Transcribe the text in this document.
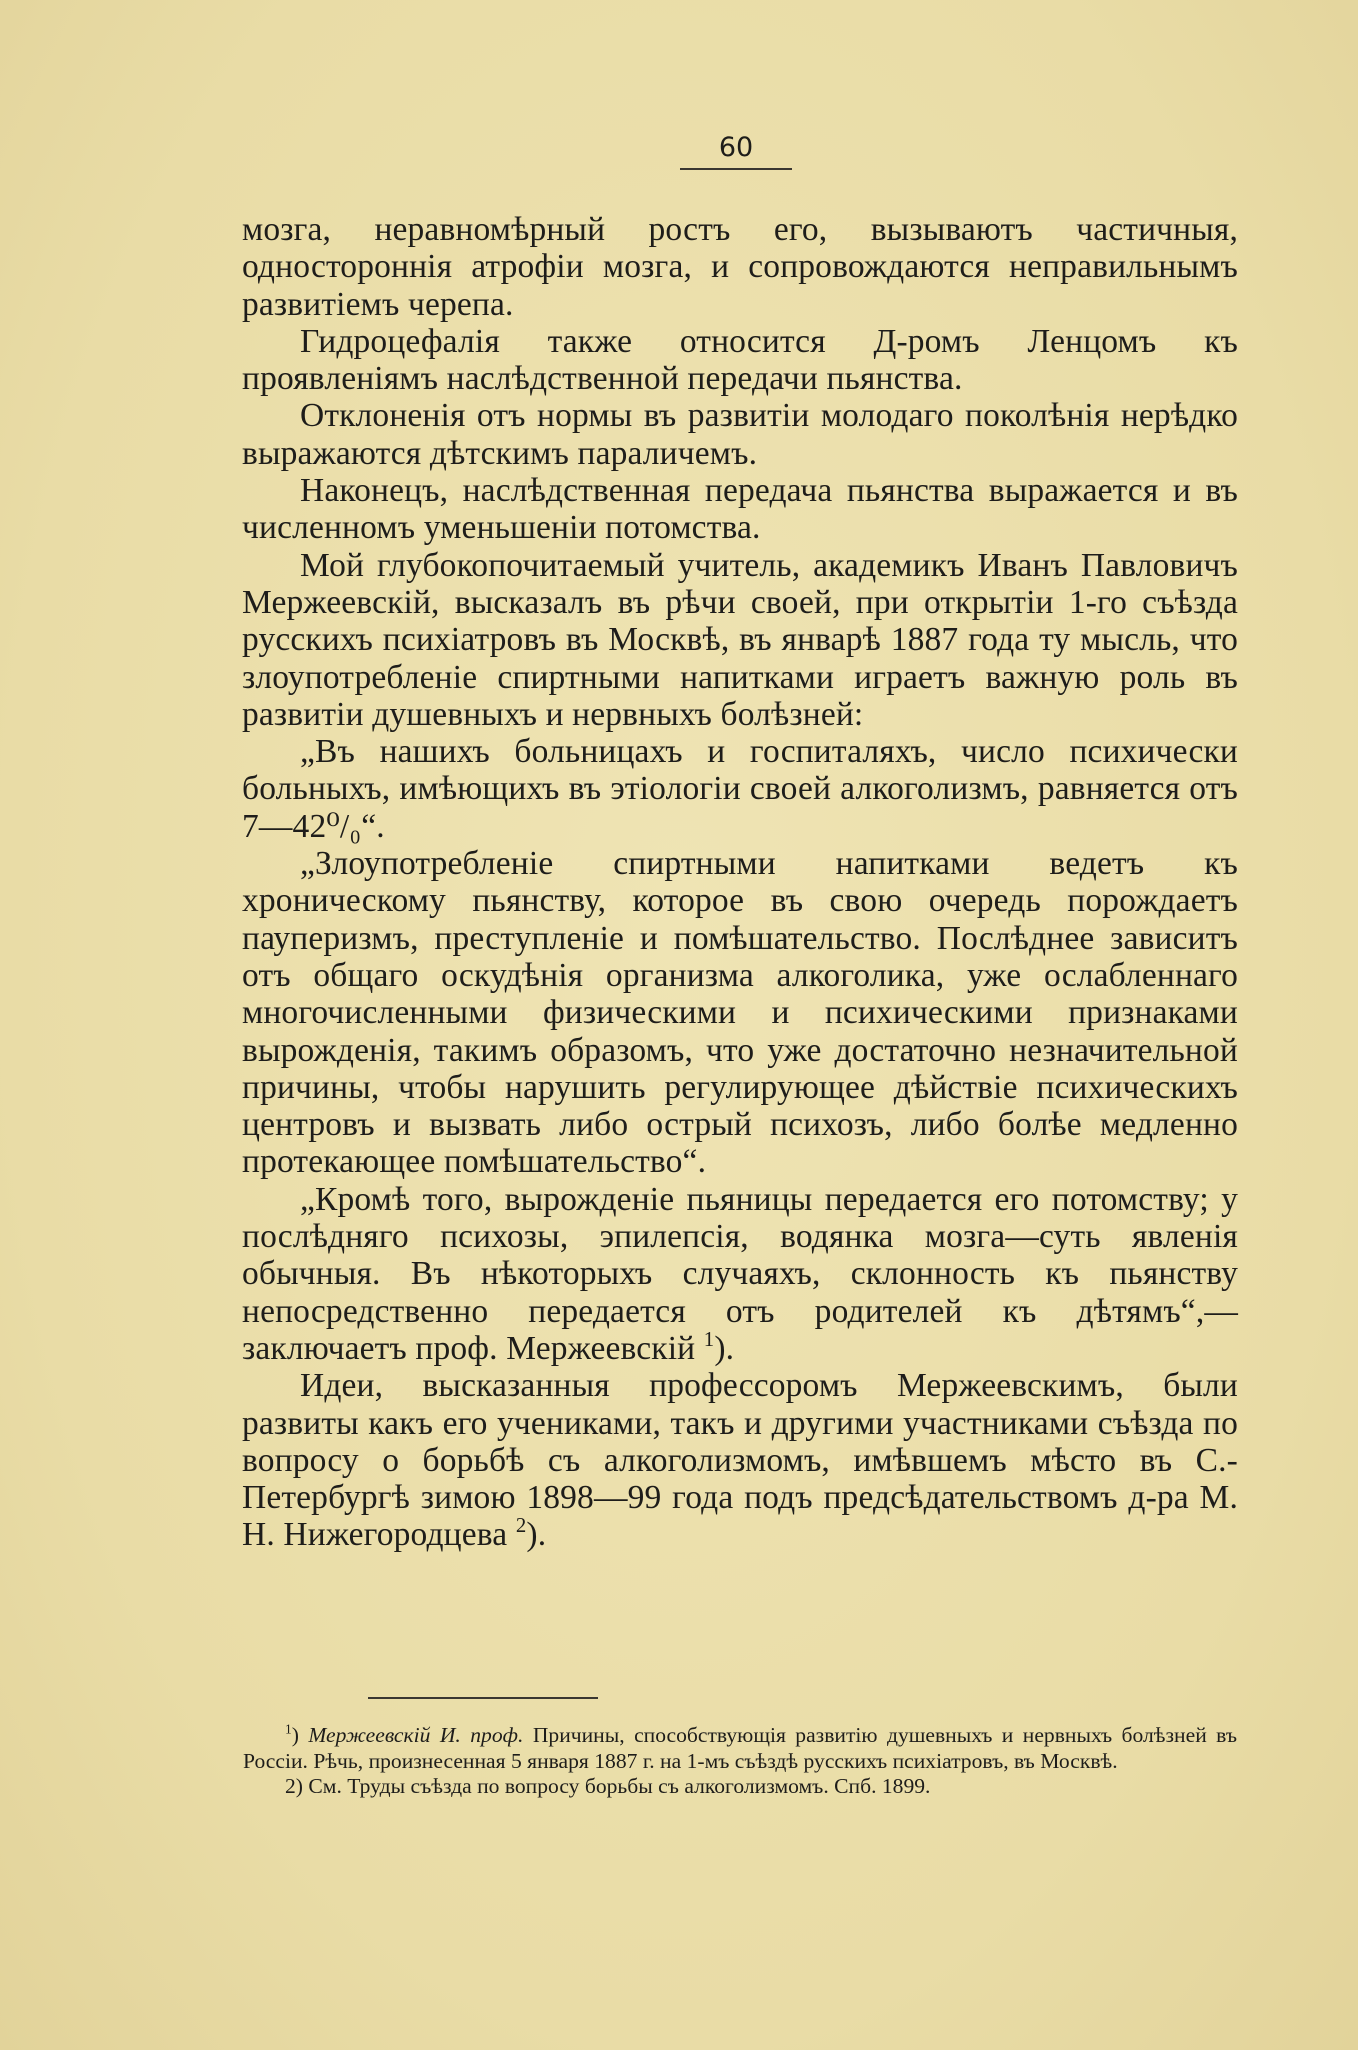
60

мозга, неравномѣрный ростъ его, вызываютъ частичныя, одностороннія атрофіи мозга, и сопровождаются неправильнымъ развитіемъ черепа.

Гидроцефалія также относится Д-ромъ Ленцомъ къ проявленіямъ наслѣдственной передачи пьянства.

Отклоненія отъ нормы въ развитіи молодаго поколѣнія нерѣдко выражаются дѣтскимъ параличемъ.

Наконецъ, наслѣдственная передача пьянства выражается и въ численномъ уменьшеніи потомства.

Мой глубокопочитаемый учитель, академикъ Иванъ Павловичъ Мержеевскій, высказалъ въ рѣчи своей, при открытіи 1-го съѣзда русскихъ психіатровъ въ Москвѣ, въ январѣ 1887 года ту мысль, что злоупотребленіе спиртными напитками играетъ важную роль въ развитіи душевныхъ и нервныхъ болѣзней:

„Въ нашихъ больницахъ и госпиталяхъ, число психически больныхъ, имѣющихъ въ этіологіи своей алкоголизмъ, равняется отъ 7—42⁰/₀“.

„Злоупотребленіе спиртными напитками ведетъ къ хроническому пьянству, которое въ свою очередь порождаетъ пауперизмъ, преступленіе и помѣшательство. Послѣднее зависитъ отъ общаго оскудѣнія организма алкоголика, уже ослабленнаго многочисленными физическими и психическими признаками вырожденія, такимъ образомъ, что уже достаточно незначительной причины, чтобы нарушить регулирующее дѣйствіе психическихъ центровъ и вызвать либо острый психозъ, либо болѣе медленно протекающее помѣшательство“.

„Кромѣ того, вырожденіе пьяницы передается его потомству; у послѣдняго психозы, эпилепсія, водянка мозга—суть явленія обычныя. Въ нѣкоторыхъ случаяхъ, склонность къ пьянству непосредственно передается отъ родителей къ дѣтямъ“,—заключаетъ проф. Мержеевскій $^1$).

Идеи, высказанныя профессоромъ Мержеевскимъ, были развиты какъ его учениками, такъ и другими участниками съѣзда по вопросу о борьбѣ съ алкоголизмомъ, имѣвшемъ мѣсто въ С.-Петербургѣ зимою 1898—99 года подъ предсѣдательствомъ д-ра М. Н. Нижегородцева $^2$).

$^1$) Мержеевскій И. проф. Причины, способствующія развитію душевныхъ и нервныхъ болѣзней въ Россіи. Рѣчь, произнесенная 5 января 1887 г. на 1-мъ съѣздѣ русскихъ психіатровъ, въ Москвѣ.

2) См. Труды съѣзда по вопросу борьбы съ алкоголизмомъ. Спб. 1899.
